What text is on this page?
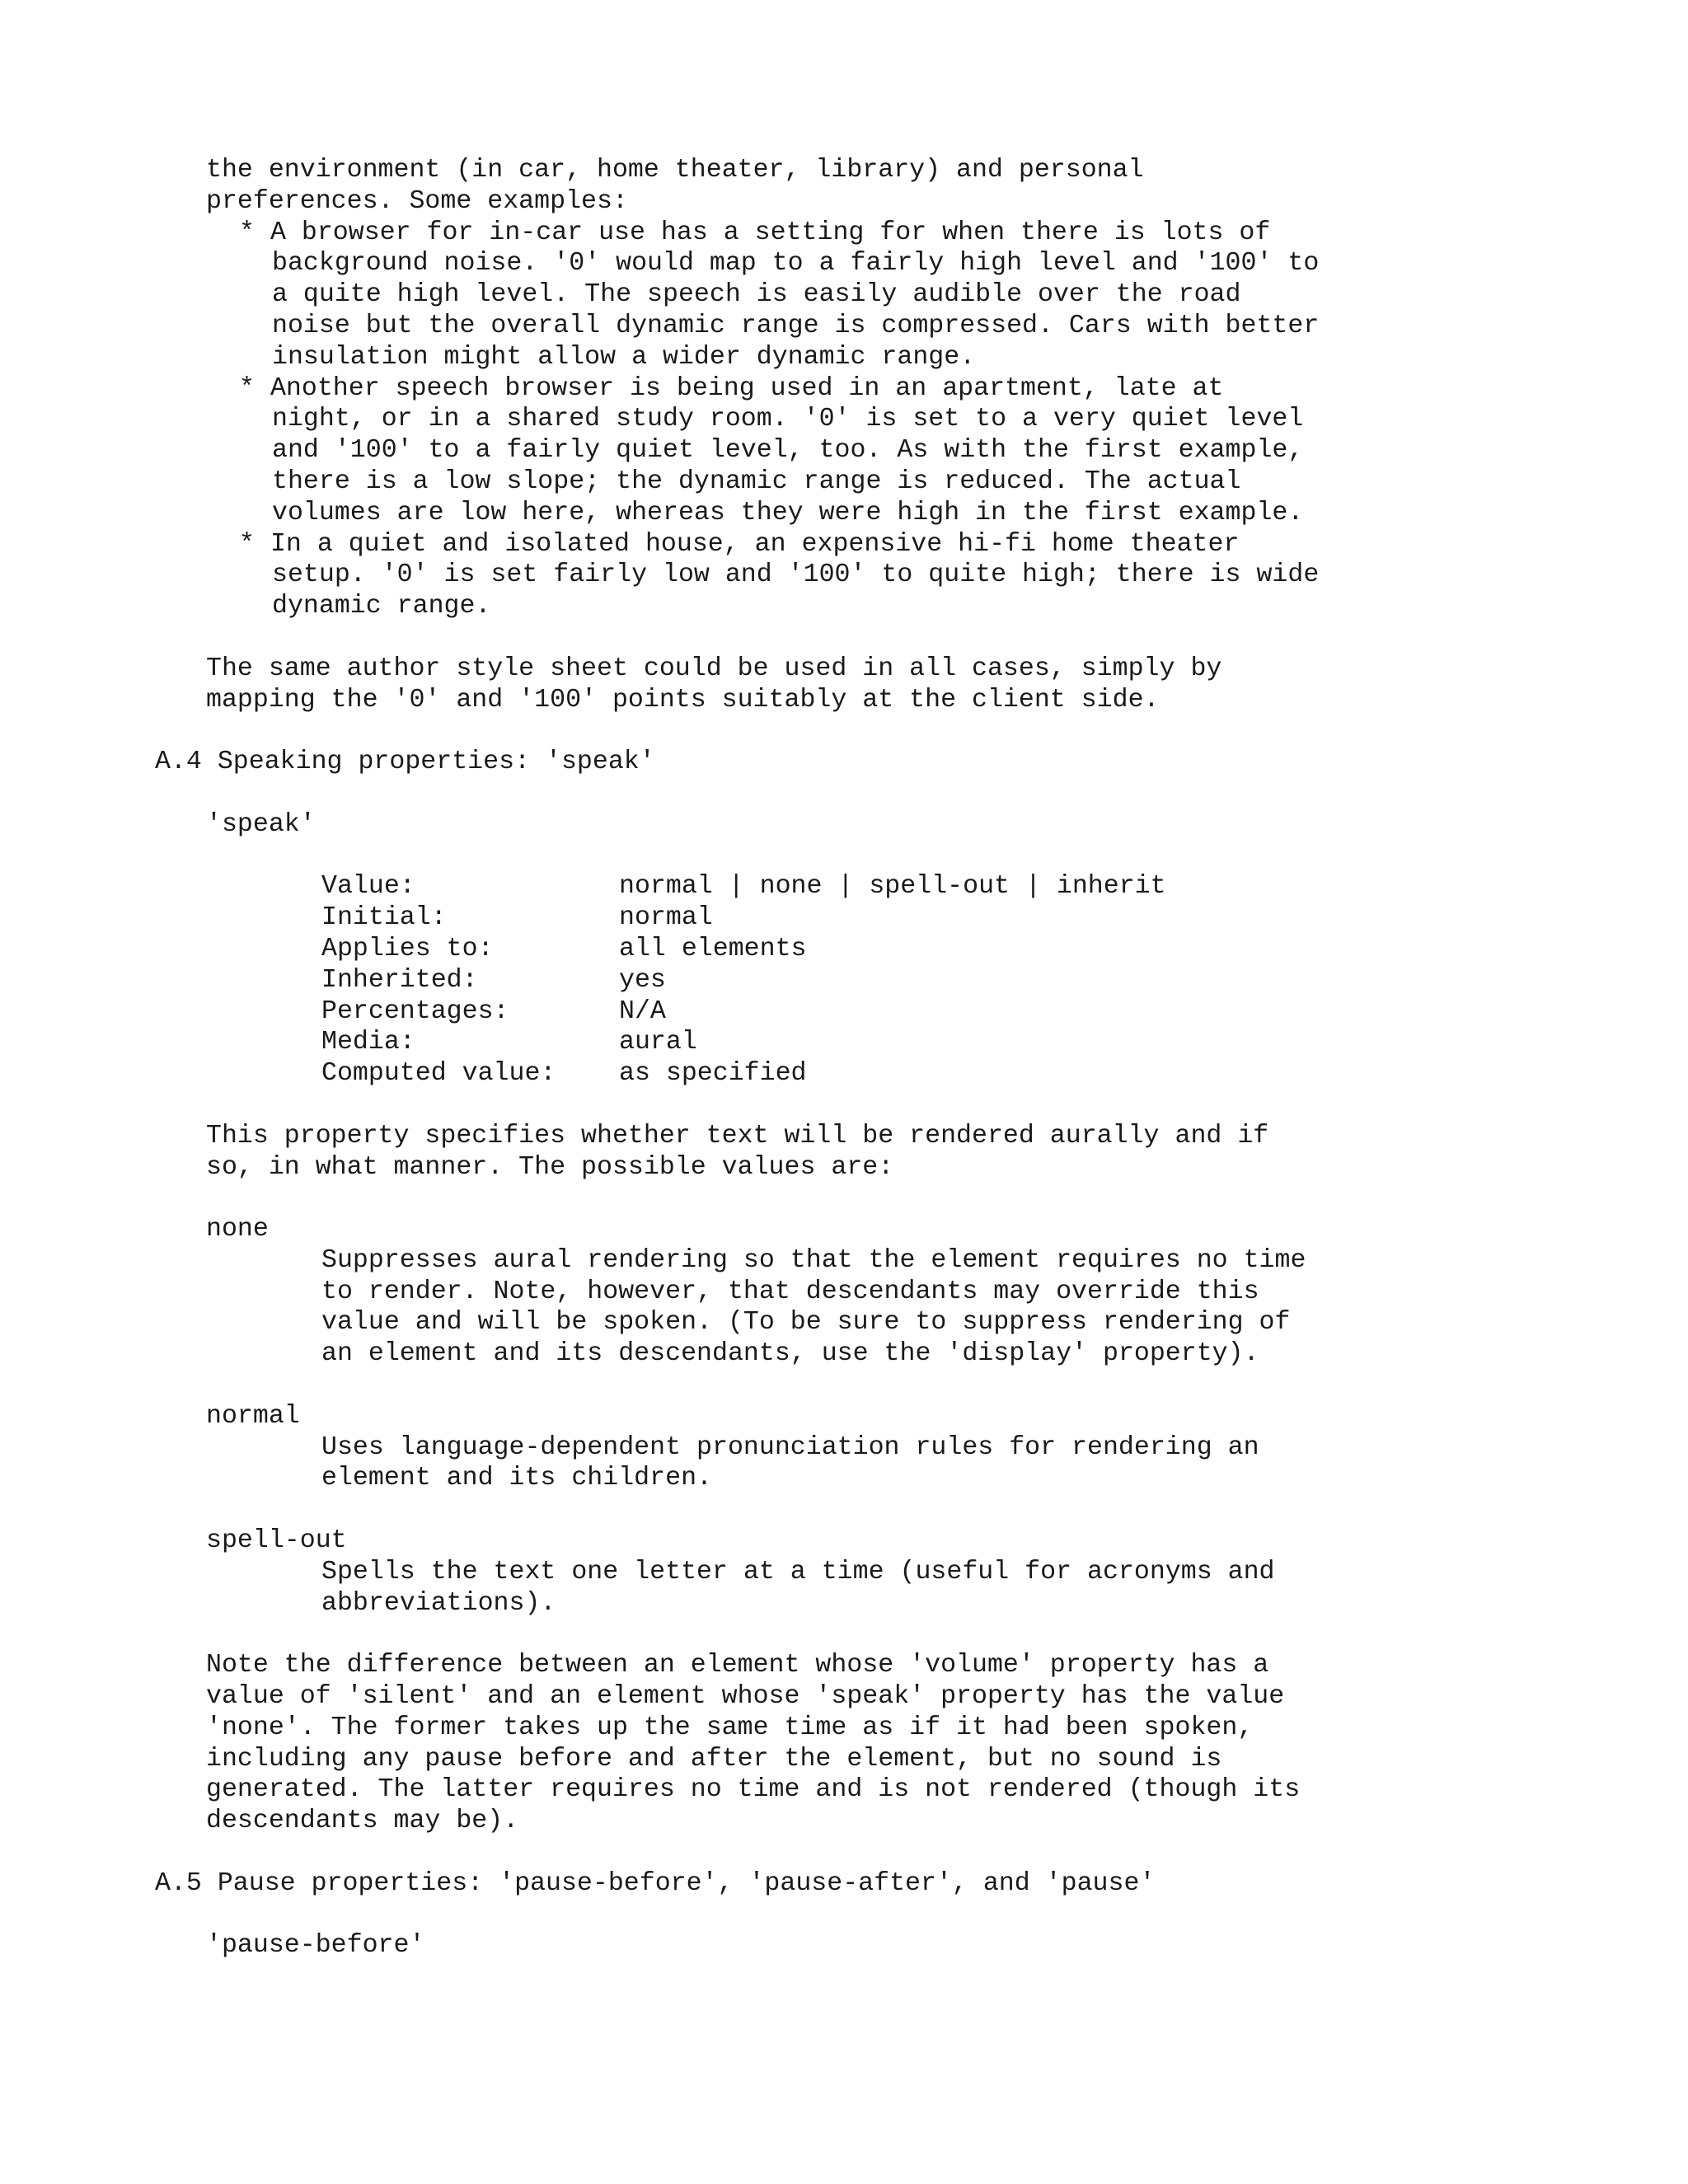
the environment (in car, home theater, library) and personal
preferences. Some examples:
* A browser for in-car use has a setting for when there is lots of
background noise. '0' would map to a fairly high level and '100' to
a quite high level. The speech is easily audible over the road
noise but the overall dynamic range is compressed. Cars with better
insulation might allow a wider dynamic range.
* Another speech browser is being used in an apartment, late at
night, or in a shared study room. '0' is set to a very quiet level
and '100' to a fairly quiet level, too. As with the first example,
there is a low slope; the dynamic range is reduced. The actual
volumes are low here, whereas they were high in the first example.
* In a quiet and isolated house, an expensive hi-fi home theater
setup. '0' is set fairly low and '100' to quite high; there is wide
dynamic range.
The same author style sheet could be used in all cases, simply by
mapping the '0' and '100' points suitably at the client side.
A.4 Speaking properties: 'speak'
'speak'
Value:	normal | none | spell-out | inherit
Initial:	normal
Applies to:	all elements
Inherited:	yes
Percentages:	N/A
Media:	aural
Computed value:	as specified
This property specifies whether text will be rendered aurally and if
so, in what manner. The possible values are:
none
Suppresses aural rendering so that the element requires no time
to render. Note, however, that descendants may override this
value and will be spoken. (To be sure to suppress rendering of
an element and its descendants, use the 'display' property).
normal
Uses language-dependent pronunciation rules for rendering an
element and its children.
spell-out
Spells the text one letter at a time (useful for acronyms and
abbreviations).
Note the difference between an element whose 'volume' property has a
value of 'silent' and an element whose 'speak' property has the value
'none'. The former takes up the same time as if it had been spoken,
including any pause before and after the element, but no sound is
generated. The latter requires no time and is not rendered (though its
descendants may be).
A.5 Pause properties: 'pause-before', 'pause-after', and 'pause'
'pause-before'
